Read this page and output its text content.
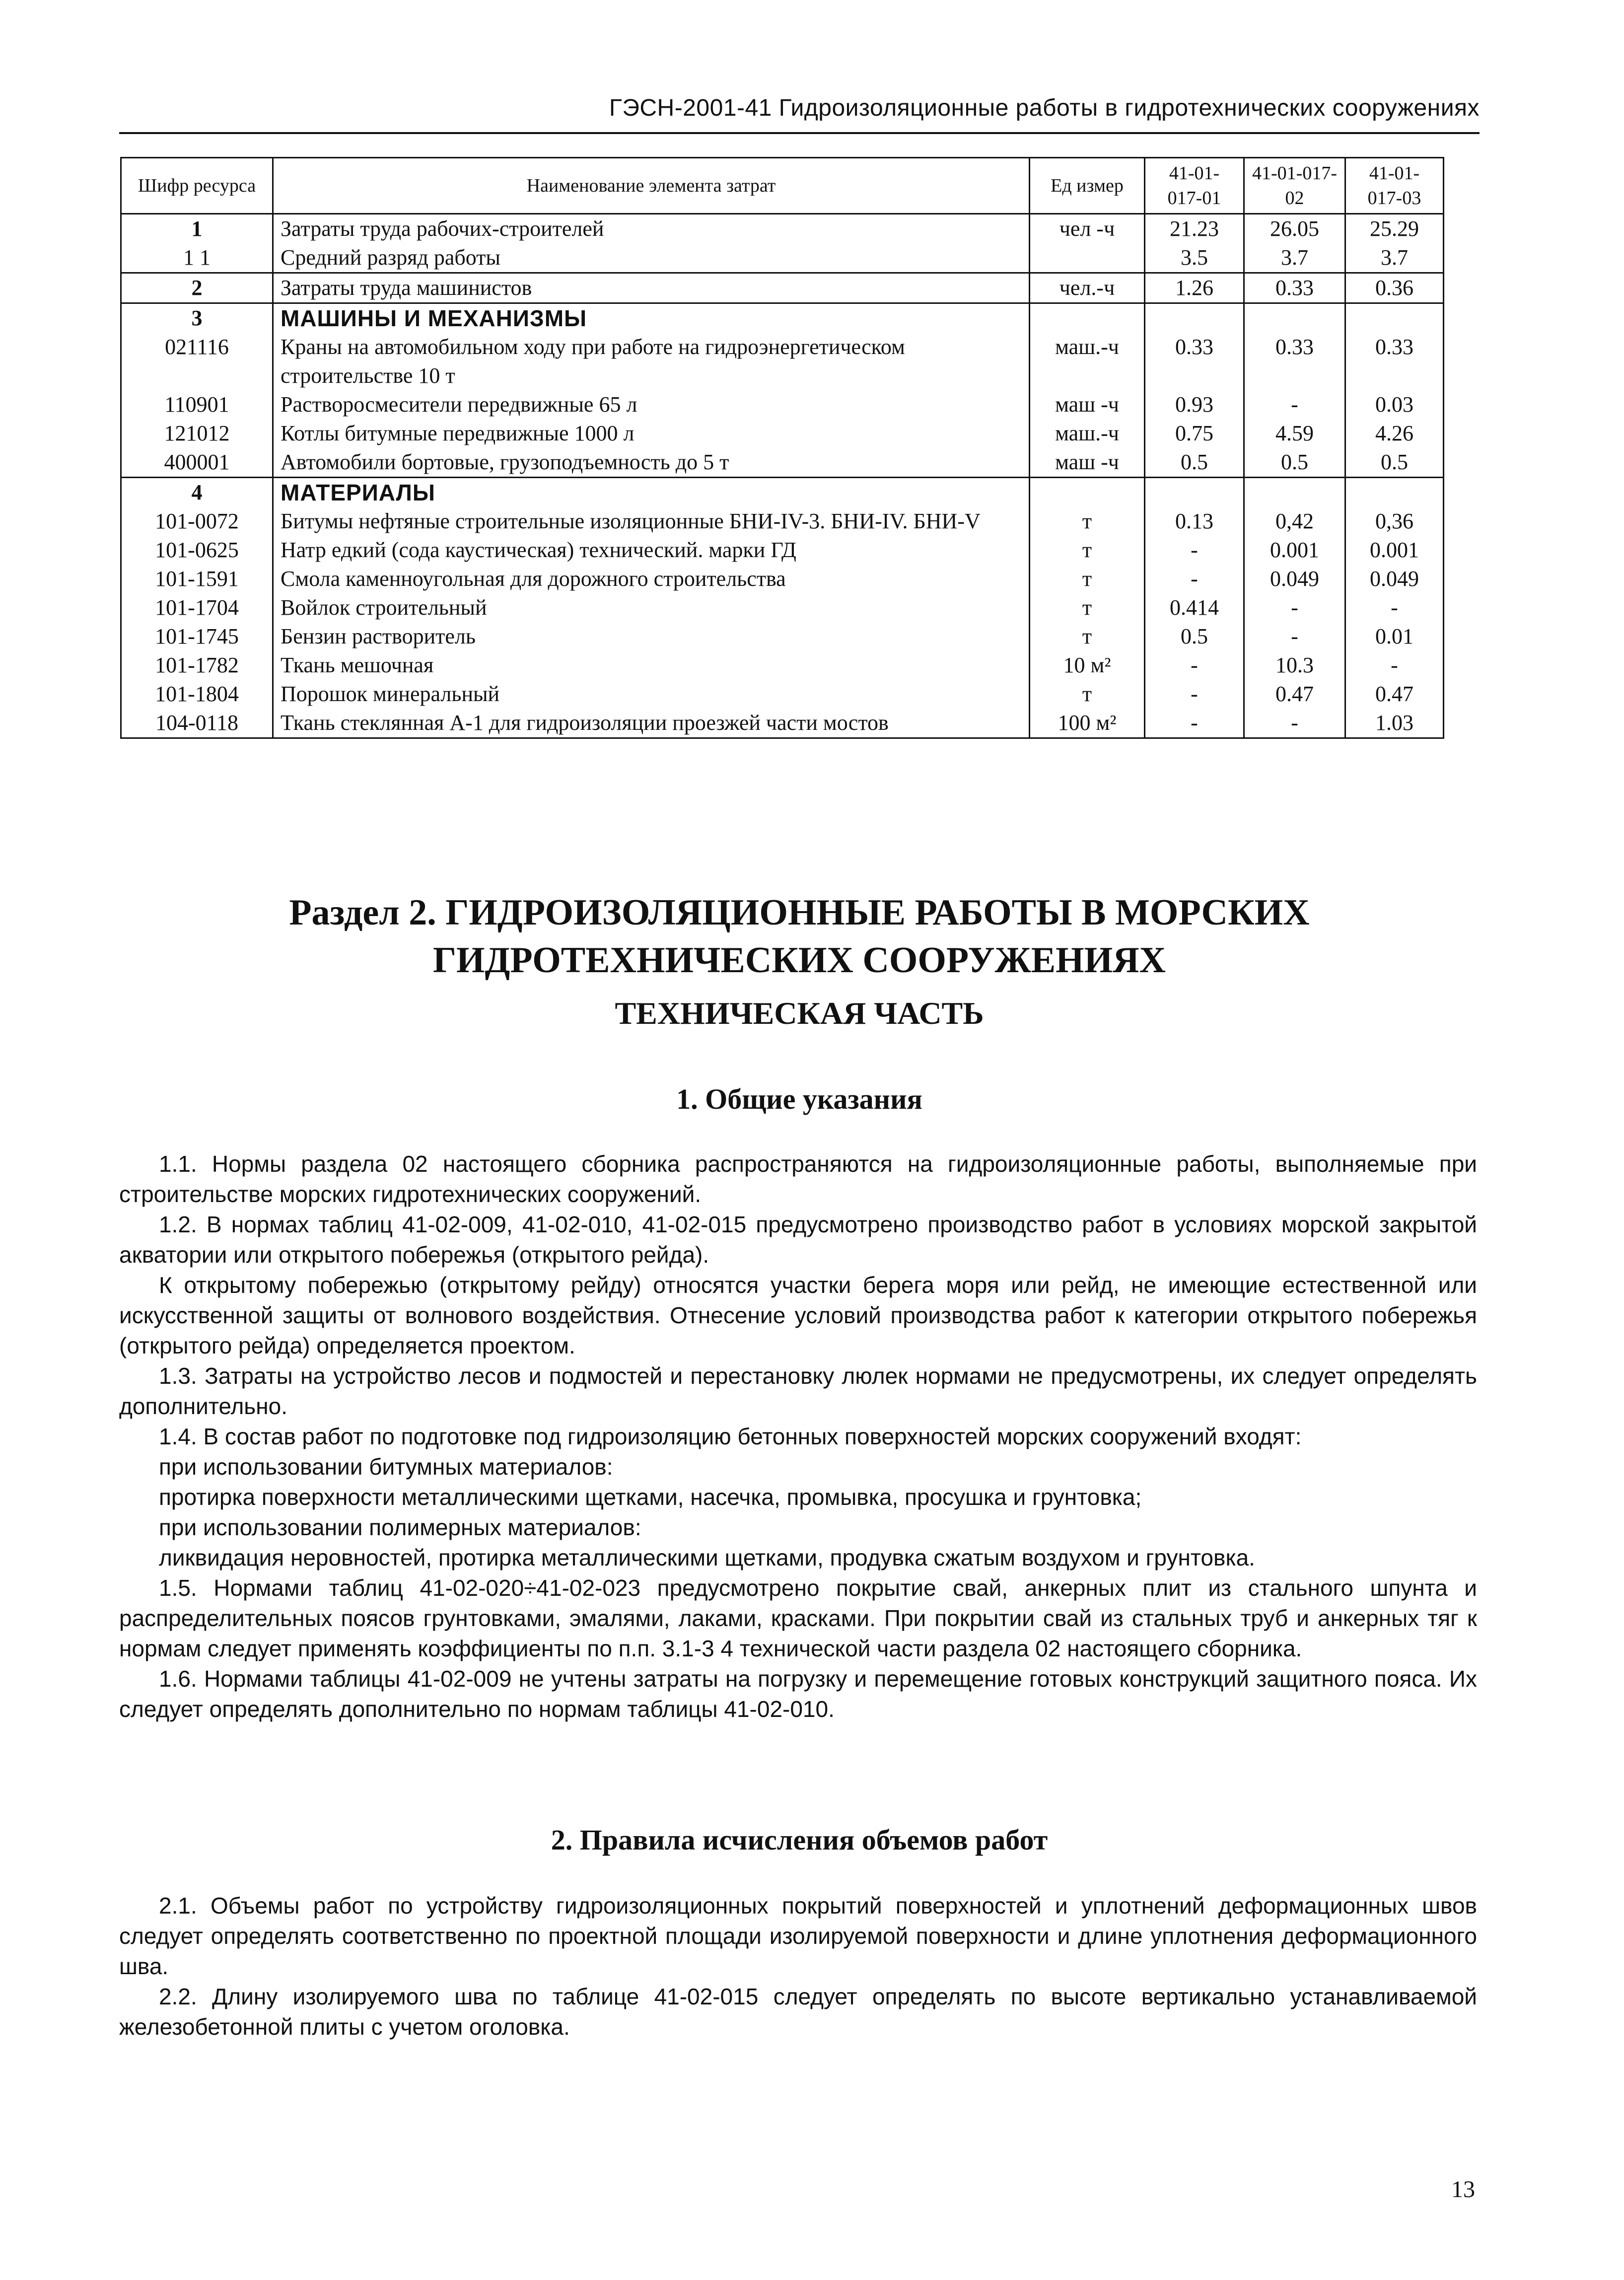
ГЭСН-2001-41 Гидроизоляционные работы в гидротехнических сооружениях
Шифр ресурса	Наименование элемента затрат	Ед измер	41-01-017-01	41-01-017-02	41-01-017-03
1	Затраты труда рабочих-строителей	чел -ч	21.23	26.05	25.29
1 1	Средний разряд работы		3.5	3.7	3.7
2	Затраты труда машинистов	чел.-ч	1.26	0.33	0.36
3	МАШИНЫ И МЕХАНИЗМЫ				
021116	Краны на автомобильном ходу при работе на гидроэнергетическом строительстве 10 т	маш.-ч	0.33	0.33	0.33
110901	Растворосмесители передвижные 65 л	маш -ч	0.93	-	0.03
121012	Котлы битумные передвижные 1000 л	маш.-ч	0.75	4.59	4.26
400001	Автомобили бортовые, грузоподъемность до 5 т	маш -ч	0.5	0.5	0.5
4	МАТЕРИАЛЫ				
101-0072	Битумы нефтяные строительные изоляционные БНИ-IV-3. БНИ-IV. БНИ-V	т	0.13	0,42	0,36
101-0625	Натр едкий (сода каустическая) технический. марки ГД	т	-	0.001	0.001
101-1591	Смола каменноугольная для дорожного строительства	т	-	0.049	0.049
101-1704	Войлок строительный	т	0.414	-	-
101-1745	Бензин растворитель	т	0.5	-	0.01
101-1782	Ткань мешочная	10 м²	-	10.3	-
101-1804	Порошок минеральный	т	-	0.47	0.47
104-0118	Ткань стеклянная А-1 для гидроизоляции проезжей части мостов	100 м²	-	-	1.03
Раздел 2. ГИДРОИЗОЛЯЦИОННЫЕ РАБОТЫ В МОРСКИХ
ГИДРОТЕХНИЧЕСКИХ СООРУЖЕНИЯХ
ТЕХНИЧЕСКАЯ ЧАСТЬ
1. Общие указания

1.1. Нормы раздела 02 настоящего сборника распространяются на гидроизоляционные работы, выполняемые при строительстве морских гидротехнических сооружений.

1.2. В нормах таблиц 41-02-009, 41-02-010, 41-02-015 предусмотрено производство работ в условиях морской закрытой акватории или открытого побережья (открытого рейда).

К открытому побережью (открытому рейду) относятся участки берега моря или рейд, не имеющие естественной или искусственной защиты от волнового воздействия. Отнесение условий производства работ к категории открытого побережья (открытого рейда) определяется проектом.

1.3. Затраты на устройство лесов и подмостей и перестановку люлек нормами не предусмотрены, их следует определять дополнительно.

1.4. В состав работ по подготовке под гидроизоляцию бетонных поверхностей морских сооружений входят:

при использовании битумных материалов:

протирка поверхности металлическими щетками, насечка, промывка, просушка и грунтовка;

при использовании полимерных материалов:

ликвидация неровностей, протирка металлическими щетками, продувка сжатым воздухом и грунтовка.

1.5. Нормами таблиц 41-02-020÷41-02-023 предусмотрено покрытие свай, анкерных плит из стального шпунта и распределительных поясов грунтовками, эмалями, лаками, красками. При покрытии свай из стальных труб и анкерных тяг к нормам следует применять коэффициенты по п.п. 3.1-3 4 технической части раздела 02 настоящего сборника.

1.6. Нормами таблицы 41-02-009 не учтены затраты на погрузку и перемещение готовых конструкций защитного пояса. Их следует определять дополнительно по нормам таблицы 41-02-010.

2. Правила исчисления объемов работ

2.1. Объемы работ по устройству гидроизоляционных покрытий поверхностей и уплотнений деформационных швов следует определять соответственно по проектной площади изолируемой поверхности и длине уплотнения деформационного шва.

2.2. Длину изолируемого шва по таблице 41-02-015 следует определять по высоте вертикально устанавливаемой железобетонной плиты с учетом оголовка.

13
